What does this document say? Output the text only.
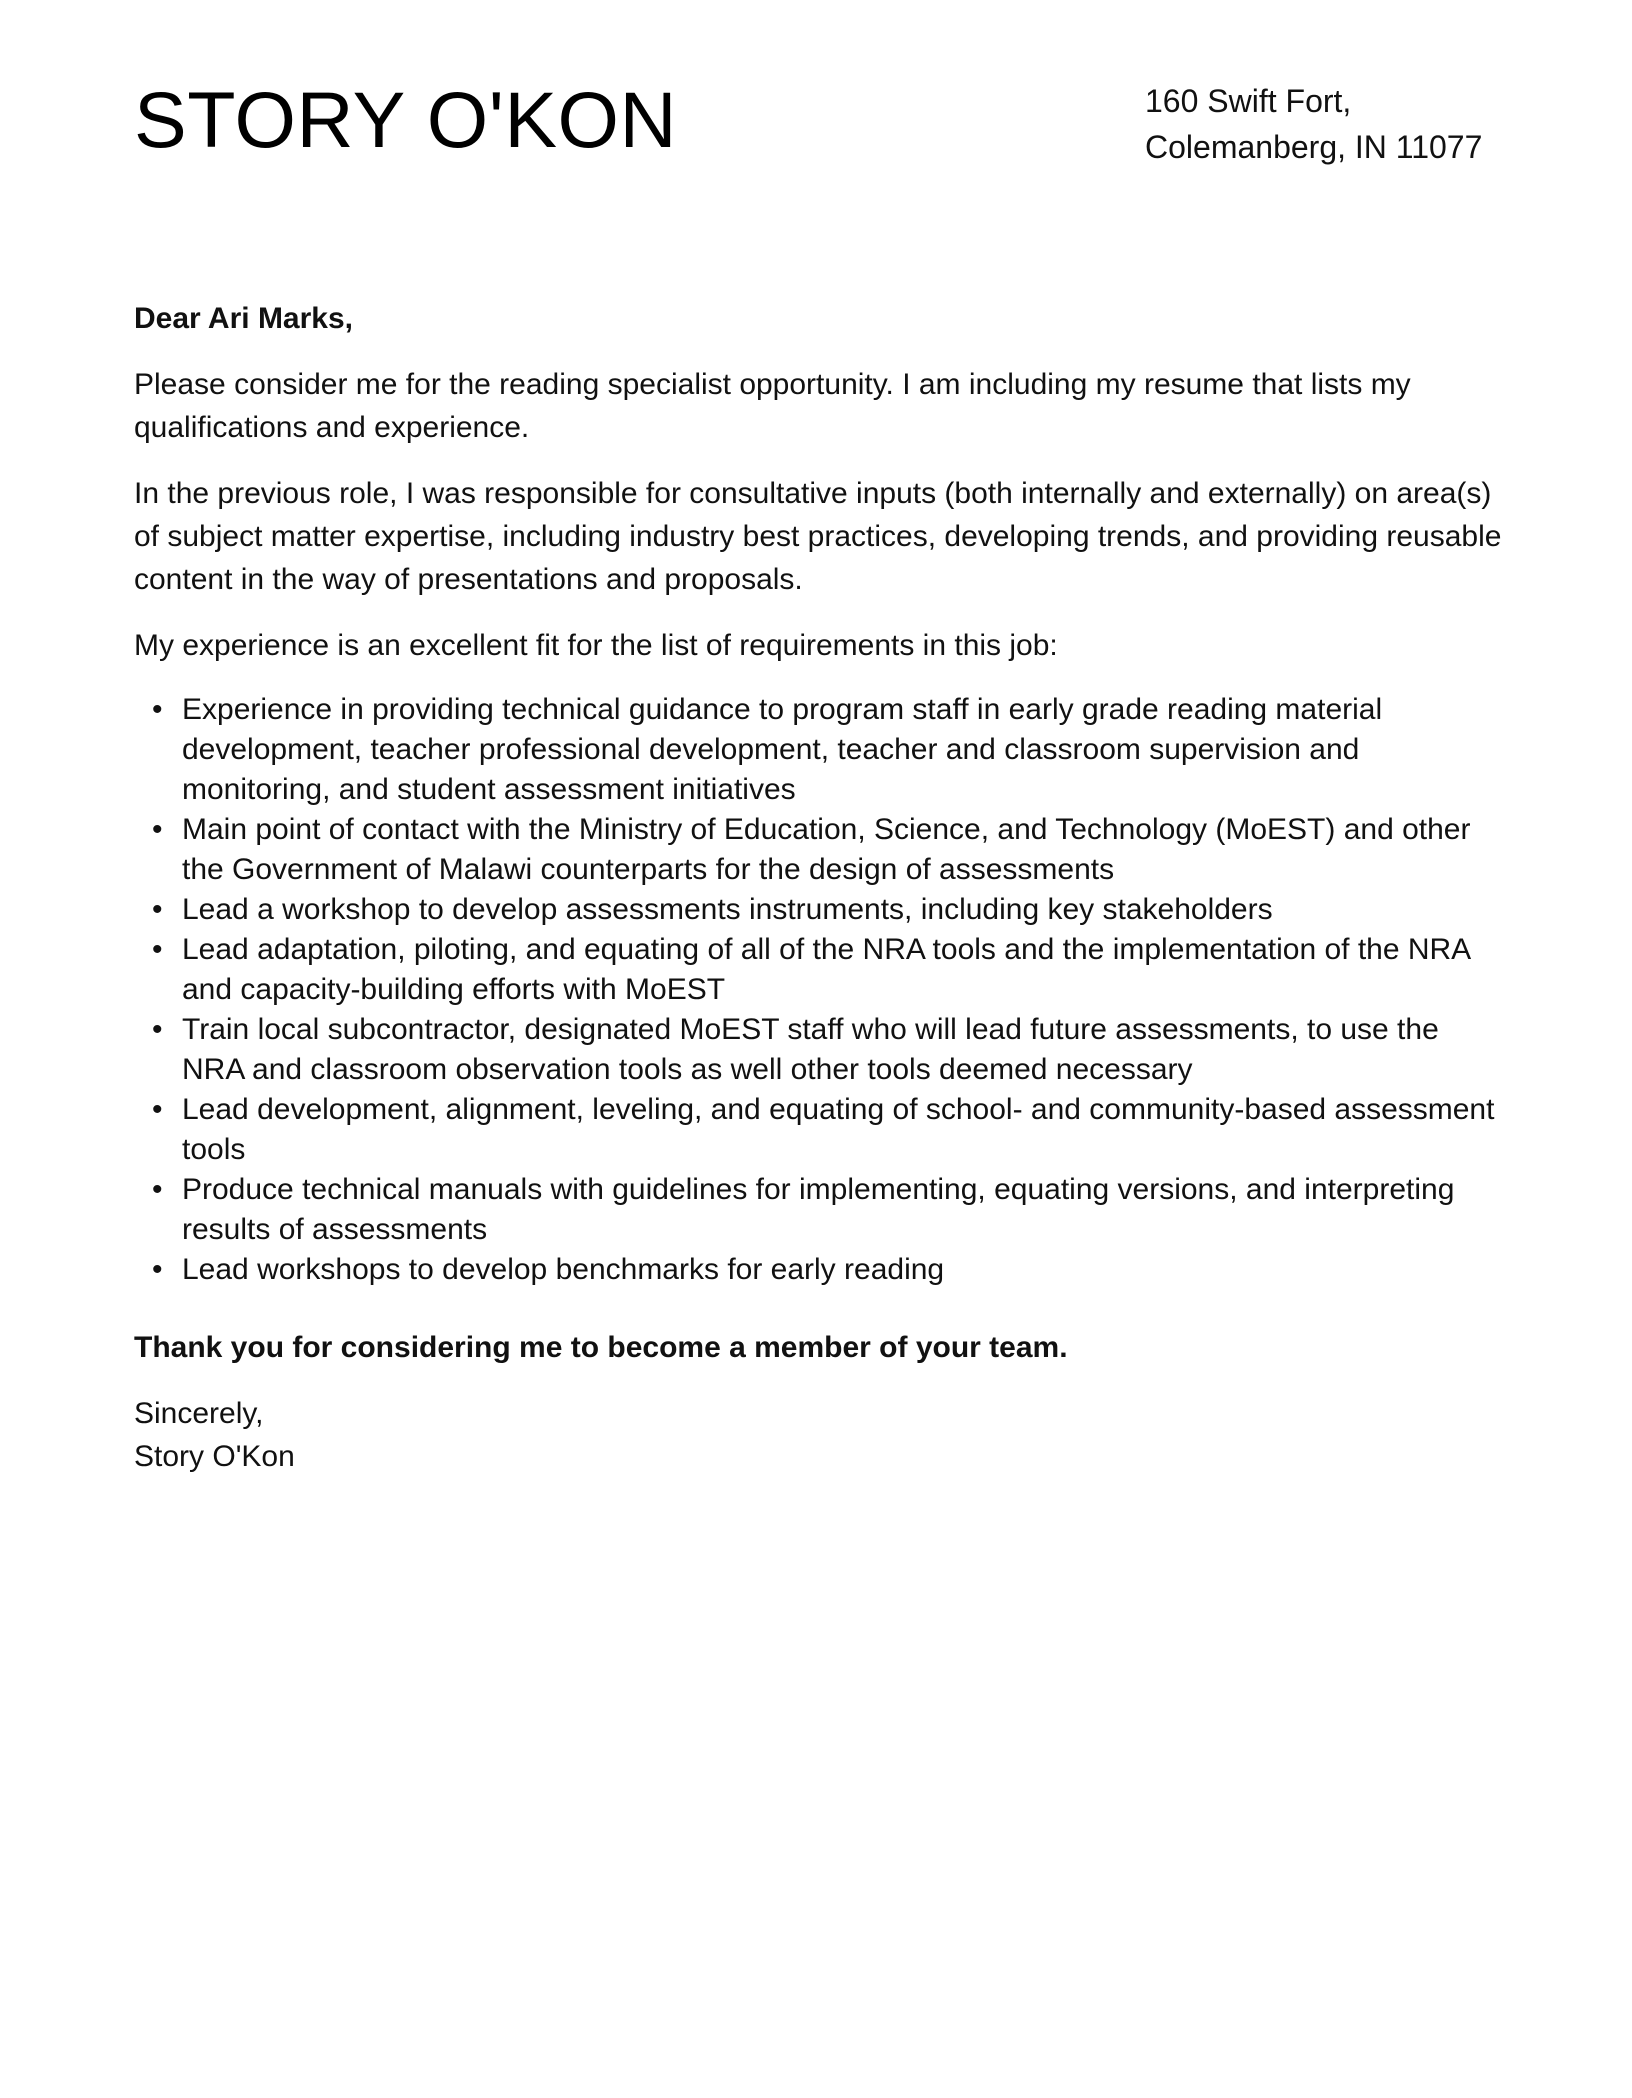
STORY O'KON	160 Swift Fort,
Colemanberg, IN 11077

Dear Ari Marks,

Please consider me for the reading specialist opportunity. I am including my resume that lists my qualifications and experience.

In the previous role, I was responsible for consultative inputs (both internally and externally) on area(s) of subject matter expertise, including industry best practices, developing trends, and providing reusable content in the way of presentations and proposals.

My experience is an excellent fit for the list of requirements in this job:

• Experience in providing technical guidance to program staff in early grade reading material development, teacher professional development, teacher and classroom supervision and monitoring, and student assessment initiatives
• Main point of contact with the Ministry of Education, Science, and Technology (MoEST) and other the Government of Malawi counterparts for the design of assessments
• Lead a workshop to develop assessments instruments, including key stakeholders
• Lead adaptation, piloting, and equating of all of the NRA tools and the implementation of the NRA and capacity-building efforts with MoEST
• Train local subcontractor, designated MoEST staff who will lead future assessments, to use the NRA and classroom observation tools as well other tools deemed necessary
• Lead development, alignment, leveling, and equating of school- and community-based assessment tools
• Produce technical manuals with guidelines for implementing, equating versions, and interpreting results of assessments
• Lead workshops to develop benchmarks for early reading

Thank you for considering me to become a member of your team.

Sincerely,
Story O'Kon
